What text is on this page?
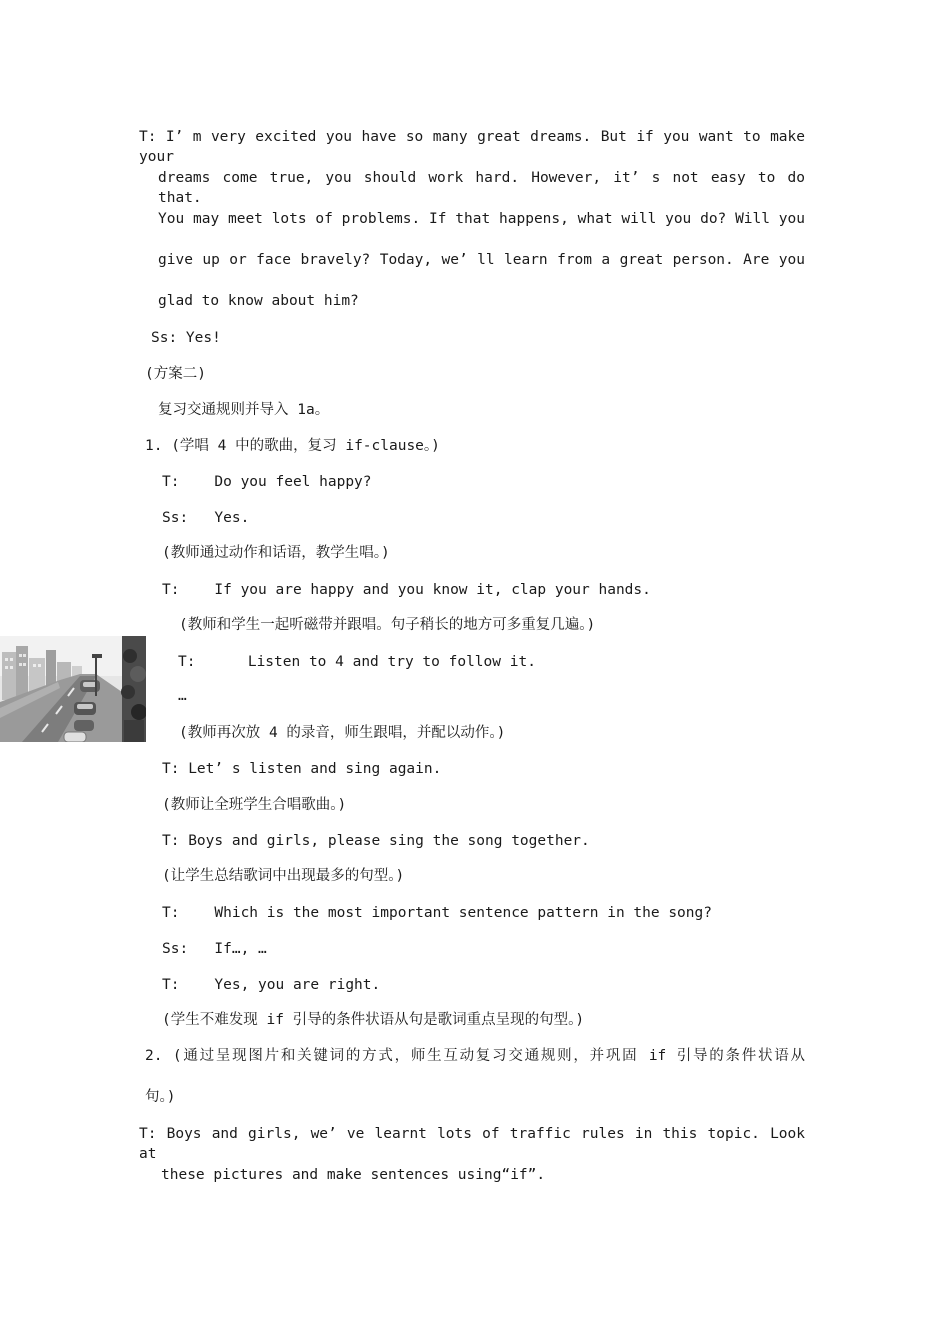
T: I’ m very excited you have so many great dreams. But if you want to make your
dreams come true, you should work hard. However, it’ s not easy to do that.
You may meet lots of problems. If that happens, what will you do? Will you
give up or face bravely? Today, we’ ll learn from a great person. Are you
glad to know about him?
Ss: Yes!
(方案二)
复习交通规则并导入 1a。
1. (学唱 4 中的歌曲，复习 if-clause。)
T:    Do you feel happy?
Ss:   Yes.
(教师通过动作和话语，教学生唱。)
T:    If you are happy and you know it, clap your hands.
(教师和学生一起听磁带并跟唱。句子稍长的地方可多重复几遍。)
T:      Listen to 4 and try to follow it.
…
(教师再次放 4 的录音，师生跟唱，并配以动作。)
T: Let’ s listen and sing again.
(教师让全班学生合唱歌曲。)
T: Boys and girls, please sing the song together.
(让学生总结歌词中出现最多的句型。)
T:    Which is the most important sentence pattern in the song?
Ss:   If…, …
T:    Yes, you are right.
(学生不难发现 if 引导的条件状语从句是歌词重点呈现的句型。)
2. (通过呈现图片和关键词的方式，师生互动复习交通规则，并巩固 if 引导的条件状语从
句。)
T: Boys and girls, we’ ve learnt lots of traffic rules in this topic. Look at
these pictures and make sentences using“if”.
